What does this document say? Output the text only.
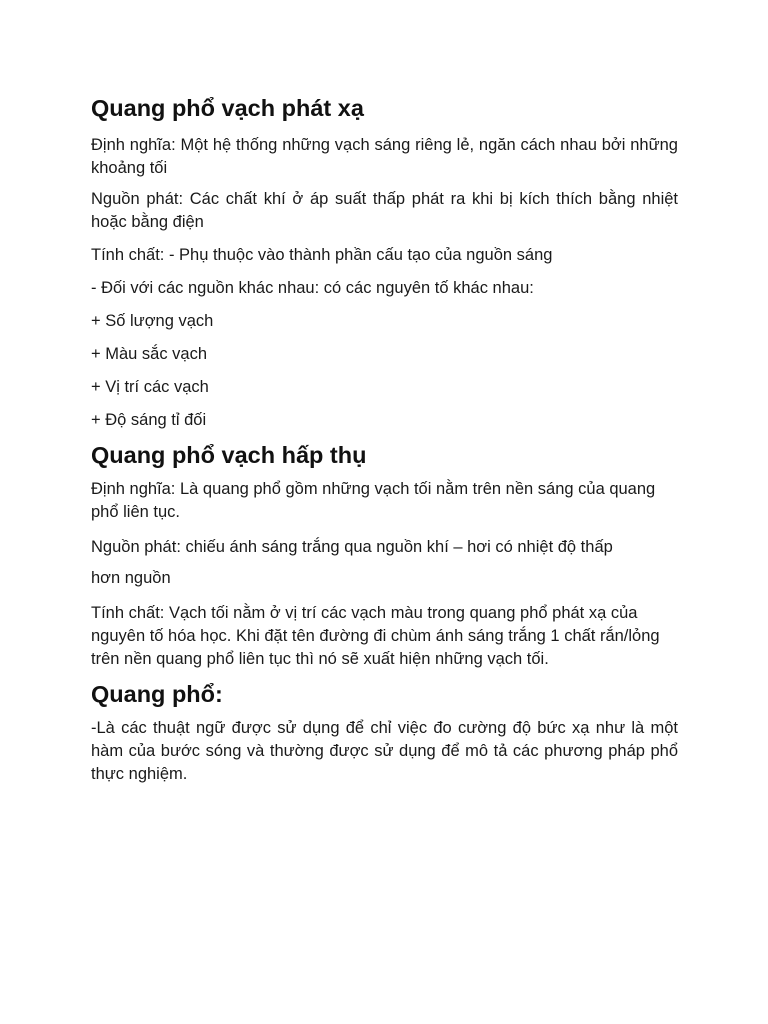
Quang phổ vạch phát xạ

Định nghĩa: Một hệ thống những vạch sáng riêng lẻ, ngăn cách nhau bởi những khoảng tối

Nguồn phát: Các chất khí ở áp suất thấp phát ra khi bị kích thích bằng nhiệt hoặc bằng điện

Tính chất: - Phụ thuộc vào thành phần cấu tạo của nguồn sáng

- Đối với các nguồn khác nhau: có các nguyên tố khác nhau:

+ Số lượng vạch

+ Màu sắc vạch

+ Vị trí các vạch

+ Độ sáng tỉ đối

Quang phổ vạch hấp thụ

Định nghĩa: Là quang phổ gồm những vạch tối nằm trên nền sáng của quang phổ liên tục.

Nguồn phát: chiếu ánh sáng trắng qua nguồn khí – hơi có nhiệt độ thấp

hơn nguồn

Tính chất: Vạch tối nằm ở vị trí các vạch màu trong quang phổ phát xạ của nguyên tố hóa học. Khi đặt tên đường đi chùm ánh sáng trắng 1 chất rắn/lỏng trên nền quang phổ liên tục thì nó sẽ xuất hiện những vạch tối.

Quang phổ:

-Là các thuật ngữ được sử dụng để chỉ việc đo cường độ bức xạ như là một hàm của bước sóng và thường được sử dụng để mô tả các phương pháp phổ thực nghiệm.
